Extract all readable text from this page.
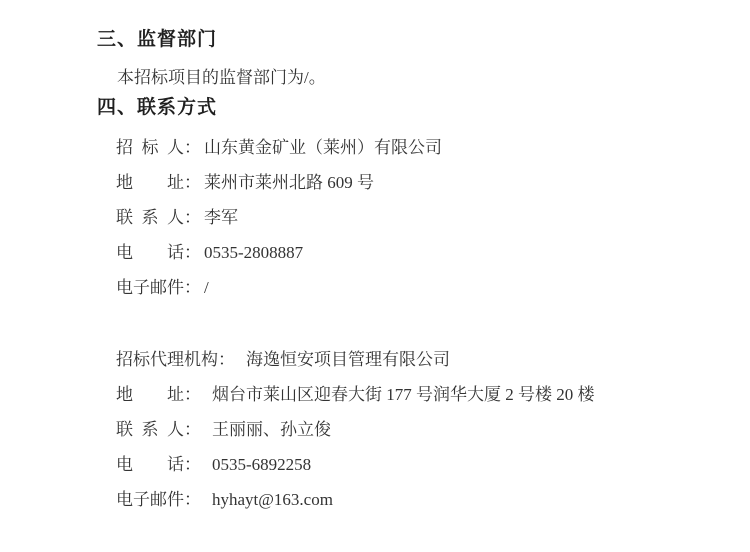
三、监督部门

本招标项目的监督部门为/。

四、联系方式
招标人： 山东黄金矿业（莱州）有限公司
地址： 莱州市莱州北路 609 号
联系人： 李军
电话： 0535-2808887
电子邮件： /
招标代理机构： 海逸恒安项目管理有限公司
地址： 烟台市莱山区迎春大街 177 号润华大厦 2 号楼 20 楼
联系人： 王丽丽、孙立俊
电话： 0535-6892258
电子邮件： hyhayt@163.com
